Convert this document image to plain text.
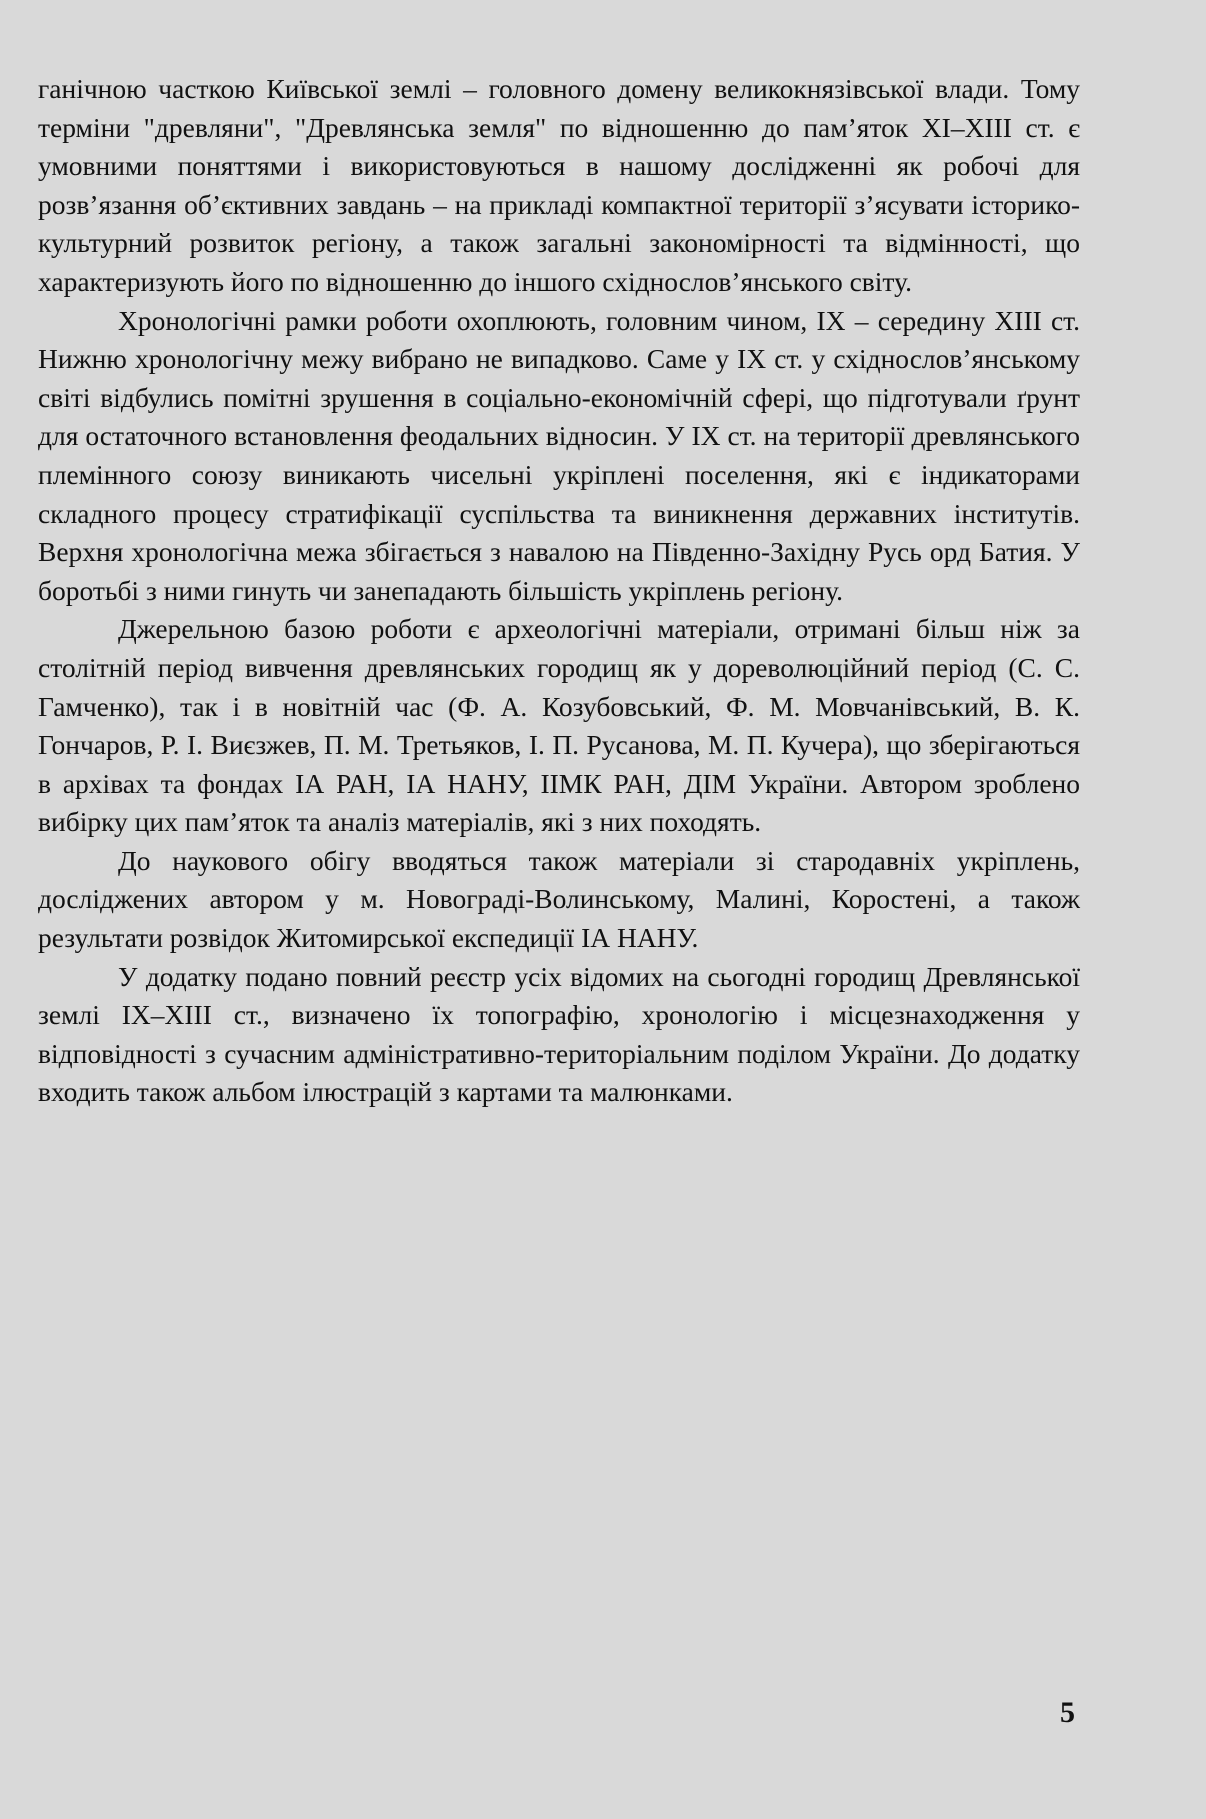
ганічною часткою Київської землі – головного домену великокнязівської влади. Тому терміни "древляни", "Древлянська земля" по відношенню до пам’яток XI–XIII ст. є умовними поняттями і використовуються в нашому дослідженні як робочі для розв’язання об’єктивних завдань – на прикладі компактної території з’ясувати історико-культурний розвиток регіону, а також загальні закономірності та відмінності, що характеризують його по відношенню до іншого східнослов’янського світу.

Хронологічні рамки роботи охоплюють, головним чином, IX – середину XIII ст. Нижню хронологічну межу вибрано не випадково. Саме у IX ст. у східнослов’янському світі відбулись помітні зрушення в соціально-економічній сфері, що підготували ґрунт для остаточного встановлення феодальних відносин. У IX ст. на території древлянського племінного союзу виникають чисельні укріплені поселення, які є індикаторами складного процесу стратифікації суспільства та виникнення державних інститутів. Верхня хронологічна межа збігається з навалою на Південно-Західну Русь орд Батия. У боротьбі з ними гинуть чи занепадають більшість укріплень регіону.

Джерельною базою роботи є археологічні матеріали, отримані більш ніж за столітній період вивчення древлянських городищ як у дореволюційний період (С. С. Гамченко), так і в новітній час (Ф. А. Козубовський, Ф. М. Мовчанівський, В. К. Гончаров, Р. І. Виєзжев, П. М. Третьяков, І. П. Русанова, М. П. Кучера), що зберігаються в архівах та фондах ІА РАН, ІА НАНУ, ІІМК РАН, ДІМ України. Автором зроблено вибірку цих пам’яток та аналіз матеріалів, які з них походять.

До наукового обігу вводяться також матеріали зі стародавніх укріплень, досліджених автором у м. Новограді-Волинському, Малині, Коростені, а також результати розвідок Житомирської експедиції ІА НАНУ.

У додатку подано повний реєстр усіх відомих на сьогодні городищ Древлянської землі IX–XIII ст., визначено їх топографію, хронологію і місцезнаходження у відповідності з сучасним адміністративно-територіальним поділом України. До додатку входить також альбом ілюстрацій з картами та малюнками.

5
